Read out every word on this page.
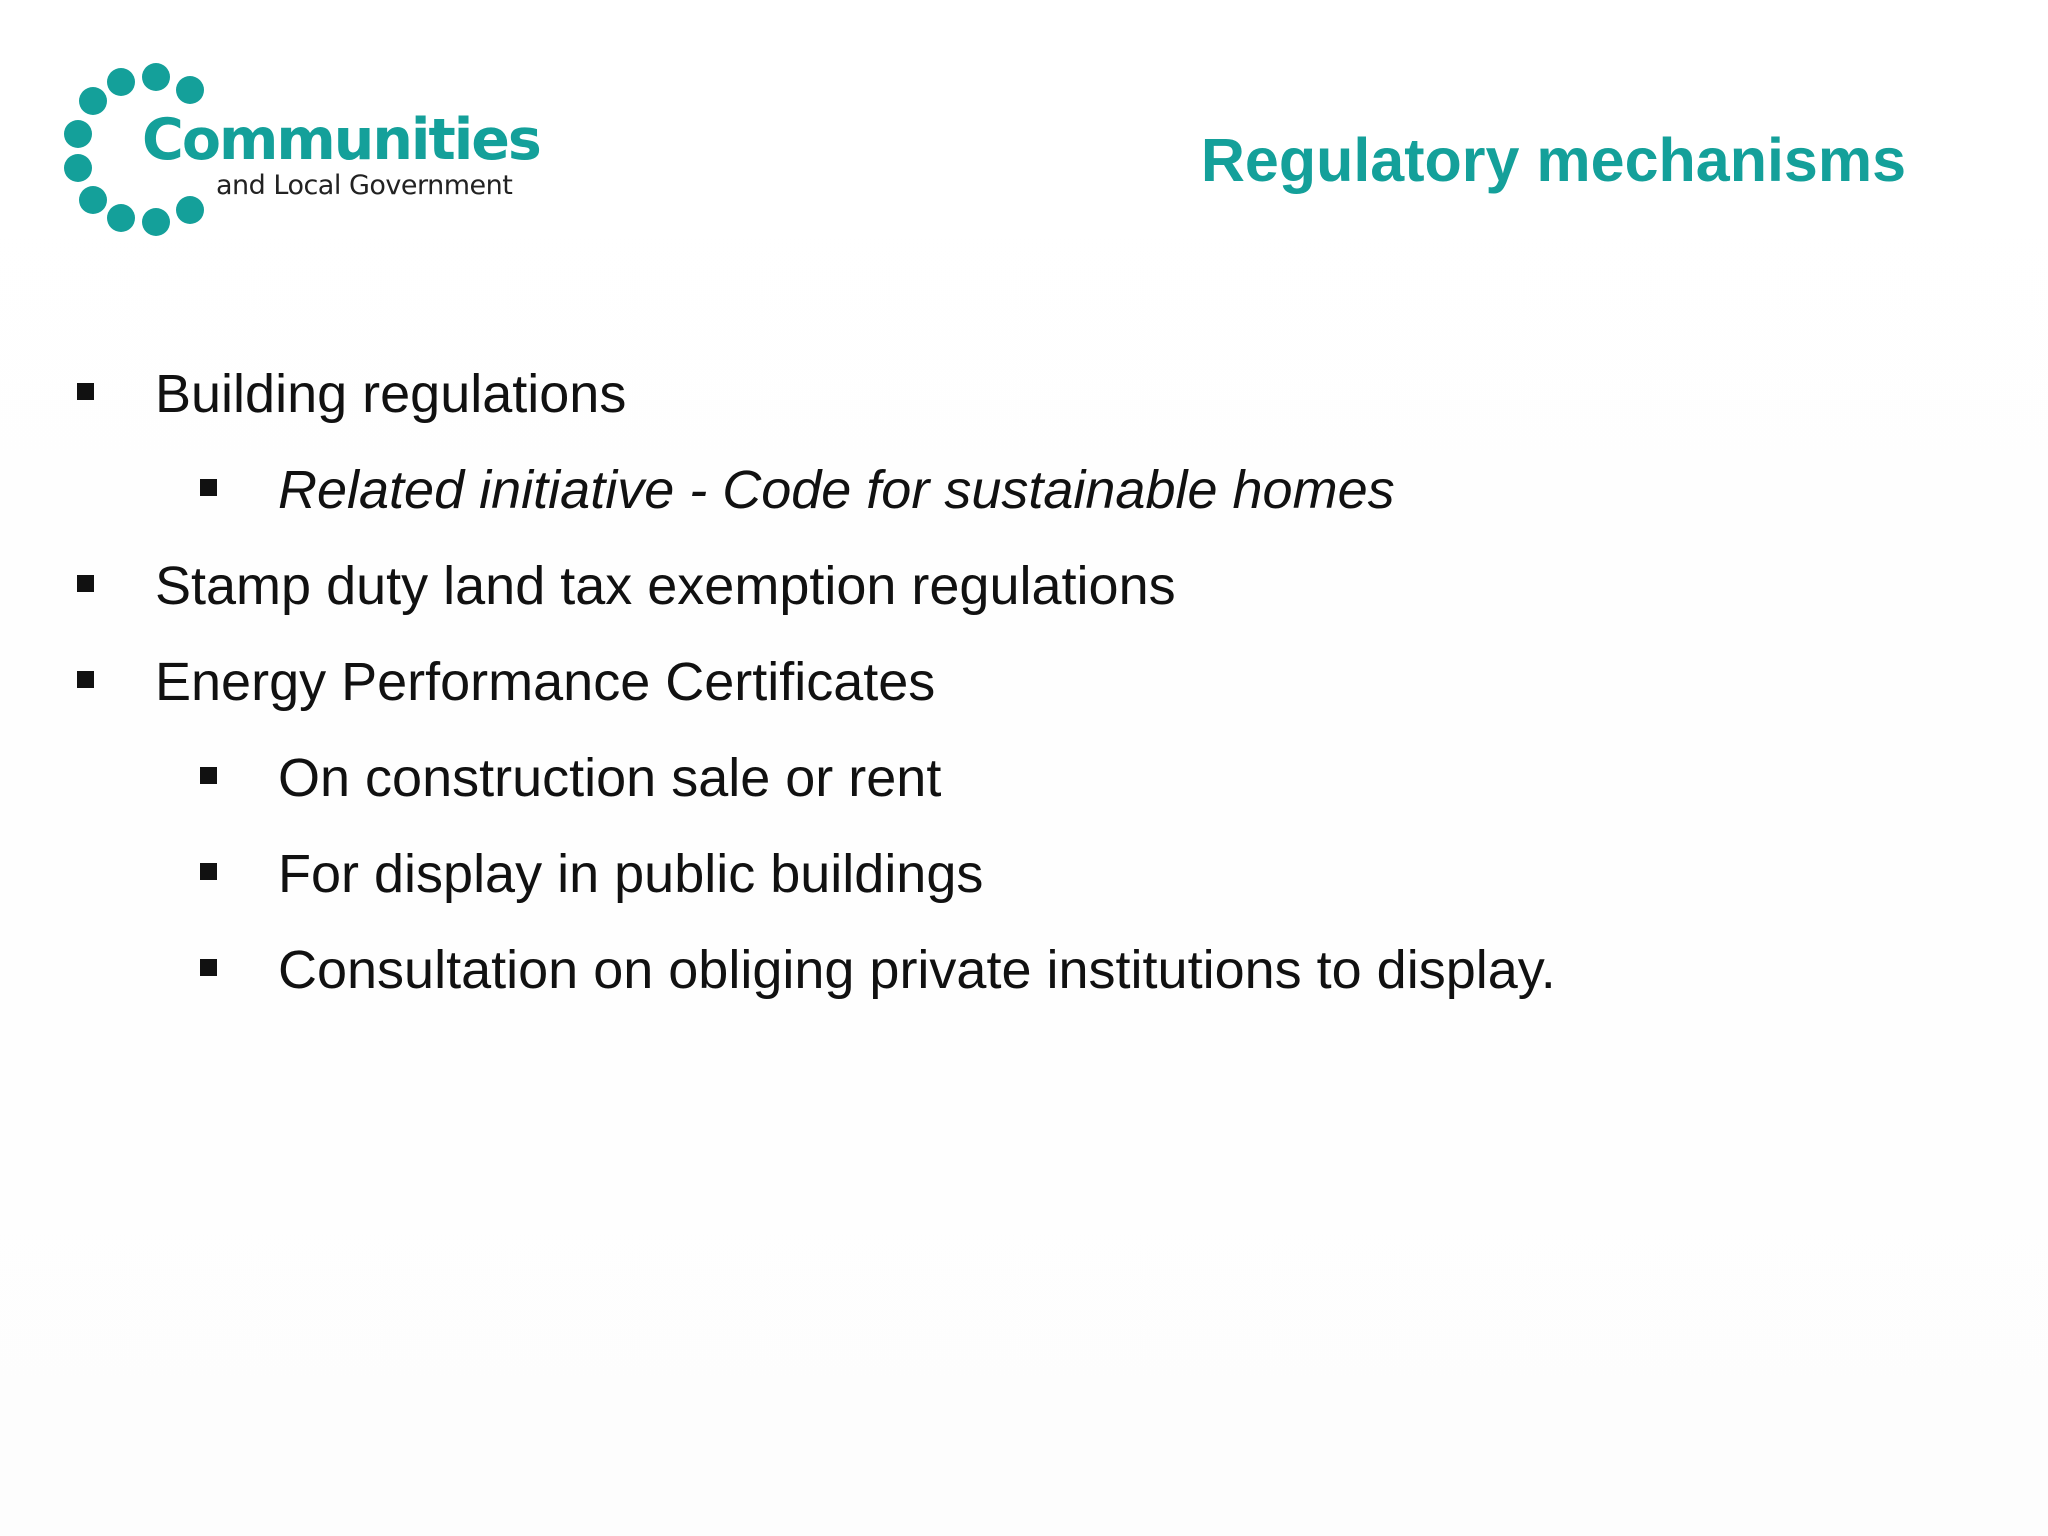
Communities
and Local Government	Regulatory mechanisms
Building regulations
Related initiative - Code for sustainable homes
Stamp duty land tax exemption regulations
Energy Performance Certificates
On construction sale or rent
For display in public buildings
Consultation on obliging private institutions to display.
